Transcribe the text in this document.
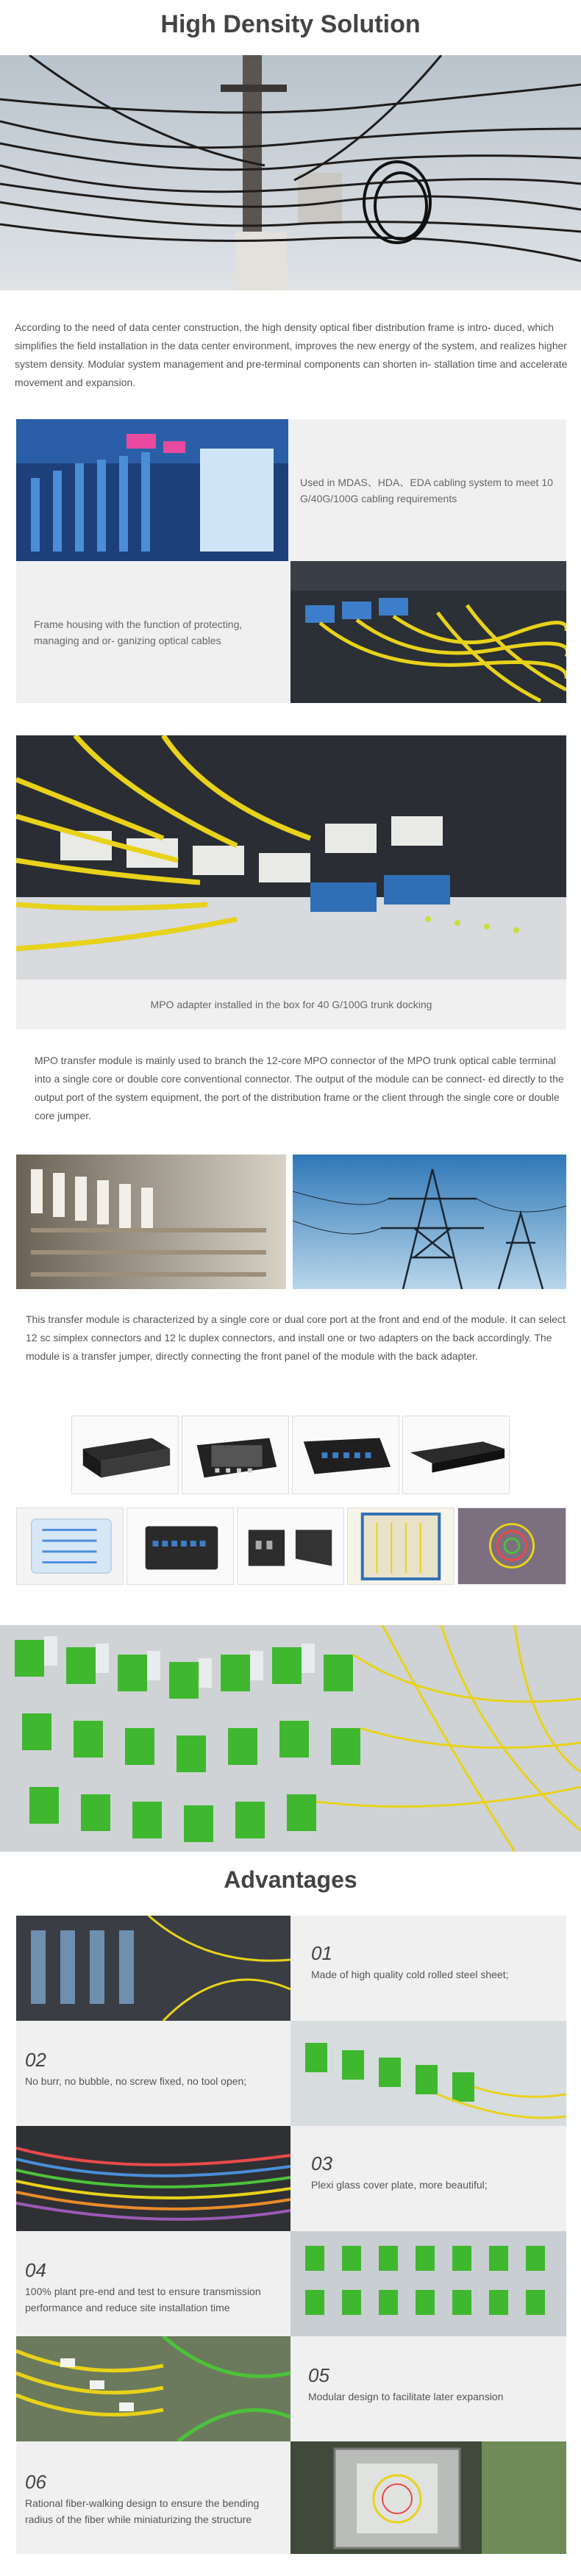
High Density Solution

According to the need of data center construction, the high density optical fiber distribution frame is intro- duced, which simplifies the field installation in the data center environment, improves the new energy of the system, and realizes higher system density. Modular system management and pre-terminal components can shorten in- stallation time and accelerate movement and expansion.

Used in MDAS、HDA、EDA cabling system to meet 10 G/40G/100G cabling requirements

Frame housing with the function of protecting, managing and or- ganizing optical cables

MPO adapter installed in the box for 40 G/100G trunk docking

MPO transfer module is mainly used to branch the 12-core MPO connector of the MPO trunk optical cable terminal into a single core or double core conventional connector. The output of the module can be connect- ed directly to the output port of the system equipment, the port of the distribution frame or the client through the single core or double core jumper.

This transfer module is characterized by a single core or dual core port at the front and end of the module. It can select 12 sc simplex connectors and 12 lc duplex connectors, and install one or two adapters on the back accordingly. The module is a transfer jumper, directly connecting the front panel of the module with the back adapter.

Advantages
01
Made of high quality cold rolled steel sheet;
02
No burr, no bubble, no screw fixed, no tool open;
03
Plexi glass cover plate, more beautiful;
04
100% plant pre-end and test to ensure transmission performance and reduce site installation time
05
Modular design to facilitate later expansion
06
Rational fiber-walking design to ensure the bending radius of the fiber while miniaturizing the structure
